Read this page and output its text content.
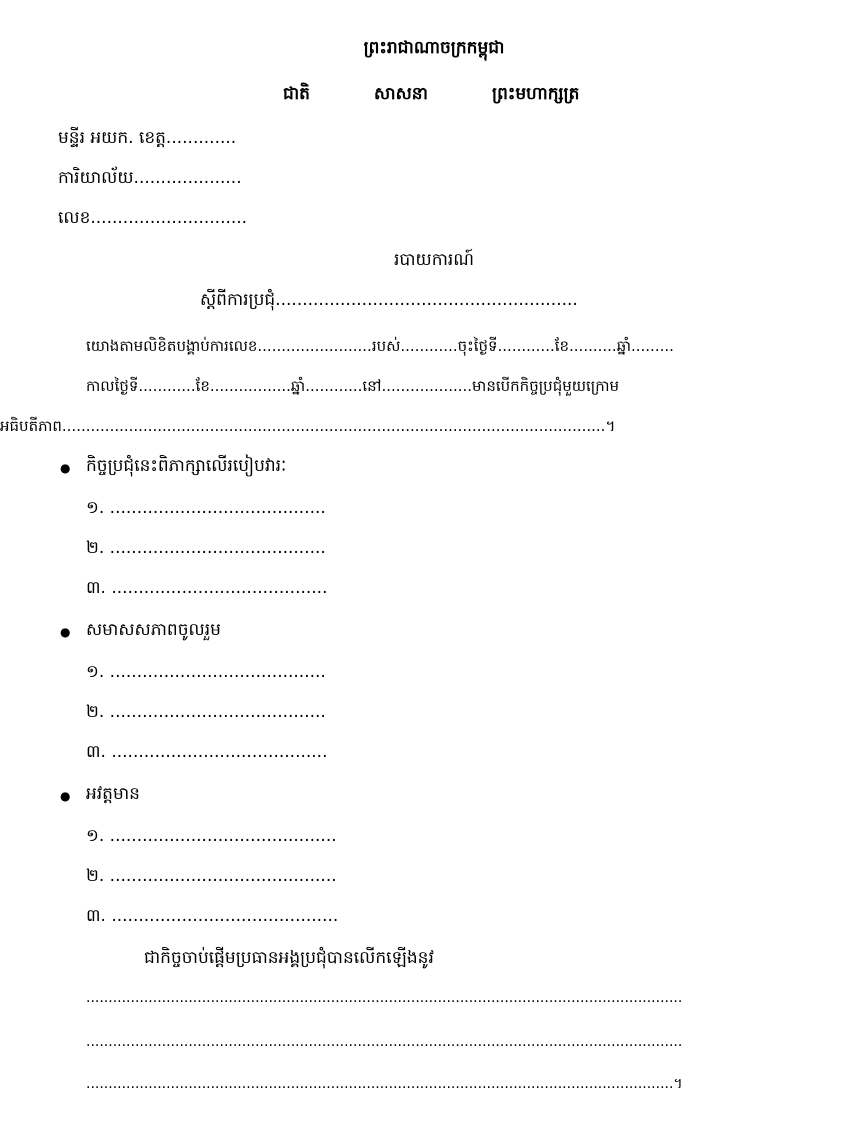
ព្រះរាជាណាចក្រកម្ពុជា
ជាតិ	សាសនា	ព្រះមហាក្សត្រ
មន្ទីរ អយក. ខេត្ត.............
ការិយាល័យ....................
លេខ.............................
របាយការណ៍
ស្តីពីការប្រជុំ........................................................
យោងតាមលិខិតបង្គាប់ការលេខ........................របស់............ចុះថ្ងៃទី............ខែ..........ឆ្នាំ.........
កាលថ្ងៃទី............ខែ.................ឆ្នាំ............នៅ...................មានបើកកិច្ចប្រជុំមួយក្រោម
អធិបតីភាព..................................................................................................................។
● កិច្ចប្រជុំនេះពិភាក្សាលើរបៀបវារៈ
១. ........................................
២. ........................................
៣. ........................................
● សមាសសភាពចូលរួម
១. ........................................
២. ........................................
៣. ........................................
● អវត្តមាន
១. ..........................................
២. ..........................................
៣. ..........................................
ជាកិច្ចចាប់ផ្ដើមប្រធានអង្គប្រជុំបានលើកឡើងនូវ
......................................................................................................................................
......................................................................................................................................
....................................................................................................................................។
